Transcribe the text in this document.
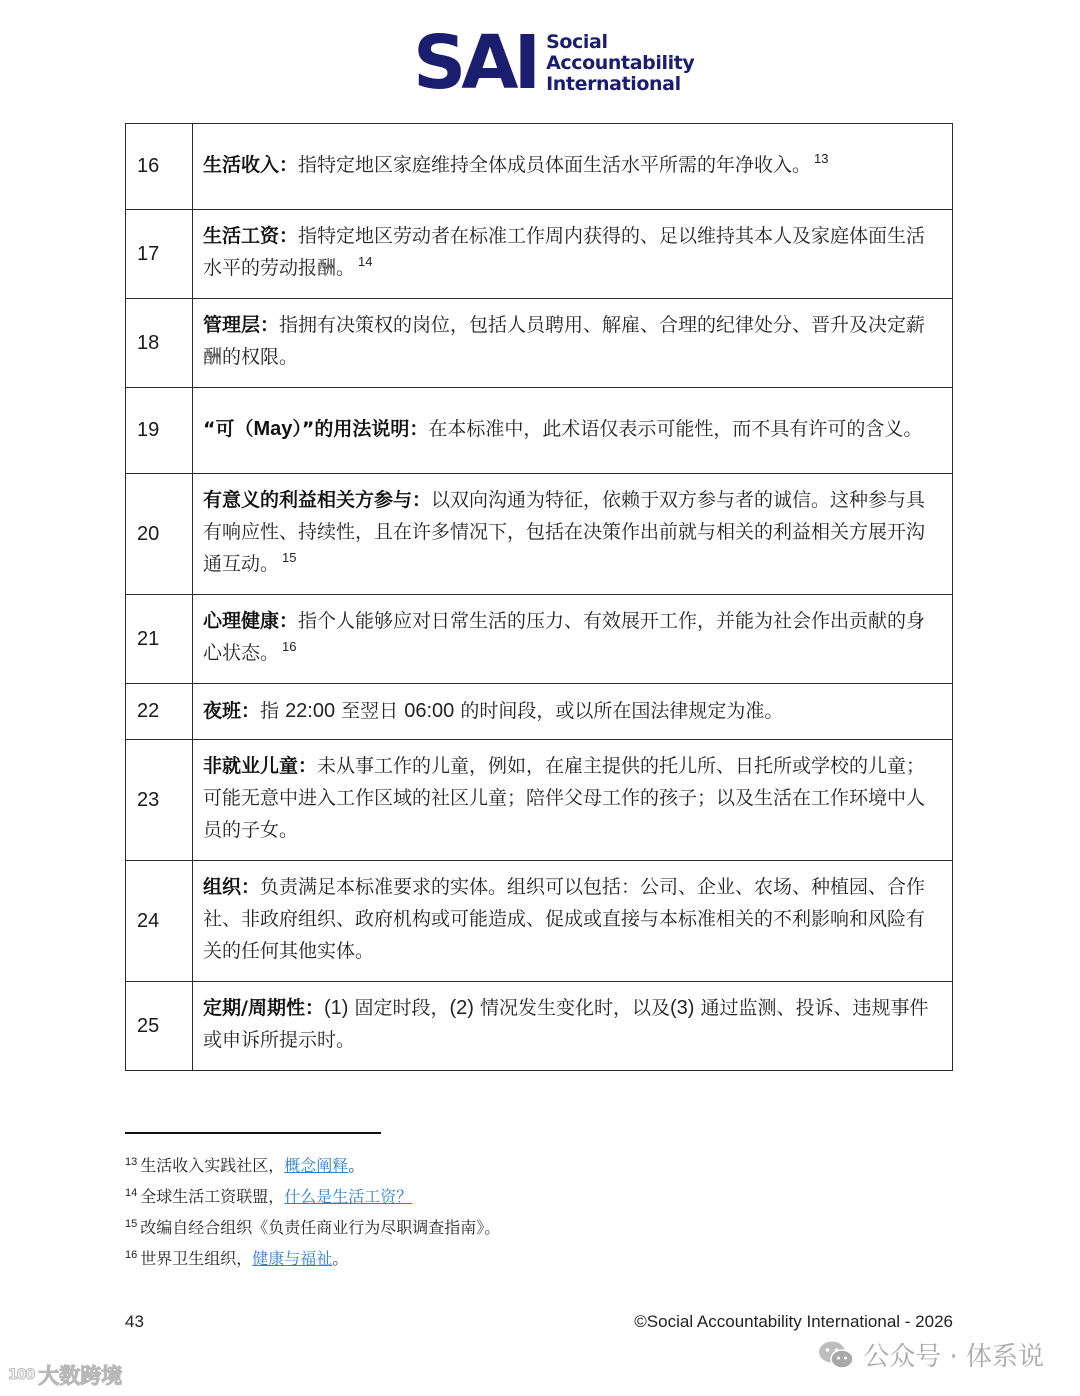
SAI Social
Accountability
International
16	生活收入：指特定地区家庭维持全体成员体面生活水平所需的年净收入。 $^{13}$

17	生活工资：指特定地区劳动者在标准工作周内获得的、足以维持其本人及家庭体面生活水平的劳动报酬。 $^{14}$

18	管理层：指拥有决策权的岗位，包括人员聘用、解雇、合理的纪律处分、晋升及决定薪酬的权限。

19	“可（May）”的用法说明：在本标准中，此术语仅表示可能性，而不具有许可的含义。

20	有意义的利益相关方参与：以双向沟通为特征，依赖于双方参与者的诚信。这种参与具有响应性、持续性，且在许多情况下，包括在决策作出前就与相关的利益相关方展开沟通互动。 $^{15}$

21	心理健康：指个人能够应对日常生活的压力、有效展开工作，并能为社会作出贡献的身心状态。 $^{16}$

22	夜班：指 22:00 至翌日 06:00 的时间段，或以所在国法律规定为准。

23	非就业儿童：未从事工作的儿童，例如，在雇主提供的托儿所、日托所或学校的儿童；可能无意中进入工作区域的社区儿童；陪伴父母工作的孩子；以及生活在工作环境中人员的子女。

24	组织：负责满足本标准要求的实体。组织可以包括：公司、企业、农场、种植园、合作社、非政府组织、政府机构或可能造成、促成或直接与本标准相关的不利影响和风险有关的任何其他实体。

25	定期/周期性：(1) 固定时段，(2) 情况发生变化时，以及(3) 通过监测、投诉、违规事件或申诉所提示时。
$^{13}$ 生活收入实践社区，概念阐释。
$^{14}$ 全球生活工资联盟，什么是生活工资？
$^{15}$ 改编自经合组织《负责任商业行为尽职调查指南》。
$^{16}$ 世界卫生组织，健康与福祉。
43	©Social Accountability International - 2026
100 大数跨境
公众号 · 体系说
